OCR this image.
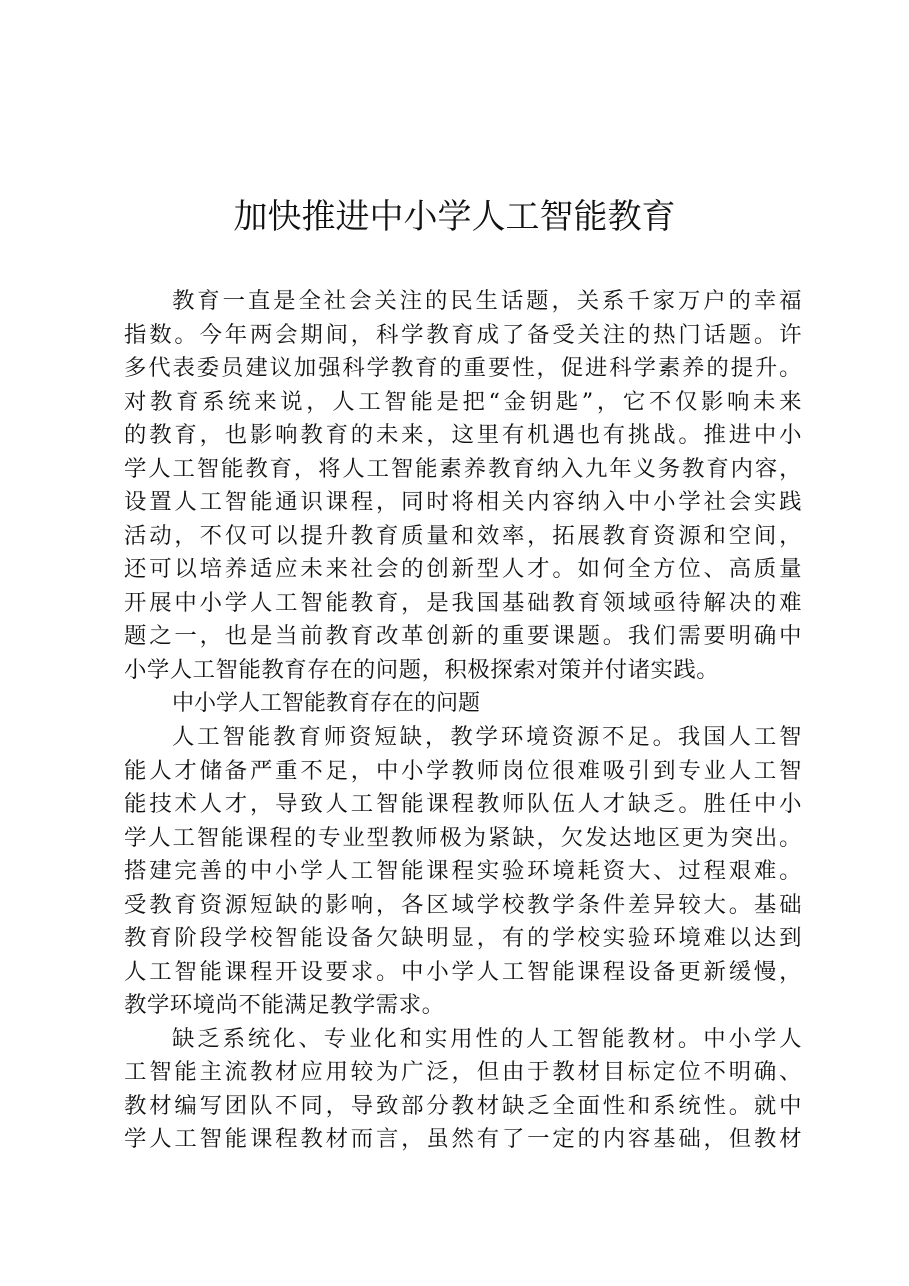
加快推进中小学人工智能教育
教育一直是全社会关注的民生话题，关系千家万户的幸福
指数。今年两会期间，科学教育成了备受关注的热门话题。许
多代表委员建议加强科学教育的重要性，促进科学素养的提升。
对教育系统来说，人工智能是把“金钥匙”，它不仅影响未来
的教育，也影响教育的未来，这里有机遇也有挑战。推进中小
学人工智能教育，将人工智能素养教育纳入九年义务教育内容，
设置人工智能通识课程，同时将相关内容纳入中小学社会实践
活动，不仅可以提升教育质量和效率，拓展教育资源和空间，
还可以培养适应未来社会的创新型人才。如何全方位、高质量
开展中小学人工智能教育，是我国基础教育领域亟待解决的难
题之一，也是当前教育改革创新的重要课题。我们需要明确中
小学人工智能教育存在的问题，积极探索对策并付诸实践。
中小学人工智能教育存在的问题
人工智能教育师资短缺，教学环境资源不足。我国人工智
能人才储备严重不足，中小学教师岗位很难吸引到专业人工智
能技术人才，导致人工智能课程教师队伍人才缺乏。胜任中小
学人工智能课程的专业型教师极为紧缺，欠发达地区更为突出。
搭建完善的中小学人工智能课程实验环境耗资大、过程艰难。
受教育资源短缺的影响，各区域学校教学条件差异较大。基础
教育阶段学校智能设备欠缺明显，有的学校实验环境难以达到
人工智能课程开设要求。中小学人工智能课程设备更新缓慢，
教学环境尚不能满足教学需求。
缺乏系统化、专业化和实用性的人工智能教材。中小学人
工智能主流教材应用较为广泛，但由于教材目标定位不明确、
教材编写团队不同，导致部分教材缺乏全面性和系统性。就中
学人工智能课程教材而言，虽然有了一定的内容基础，但教材
